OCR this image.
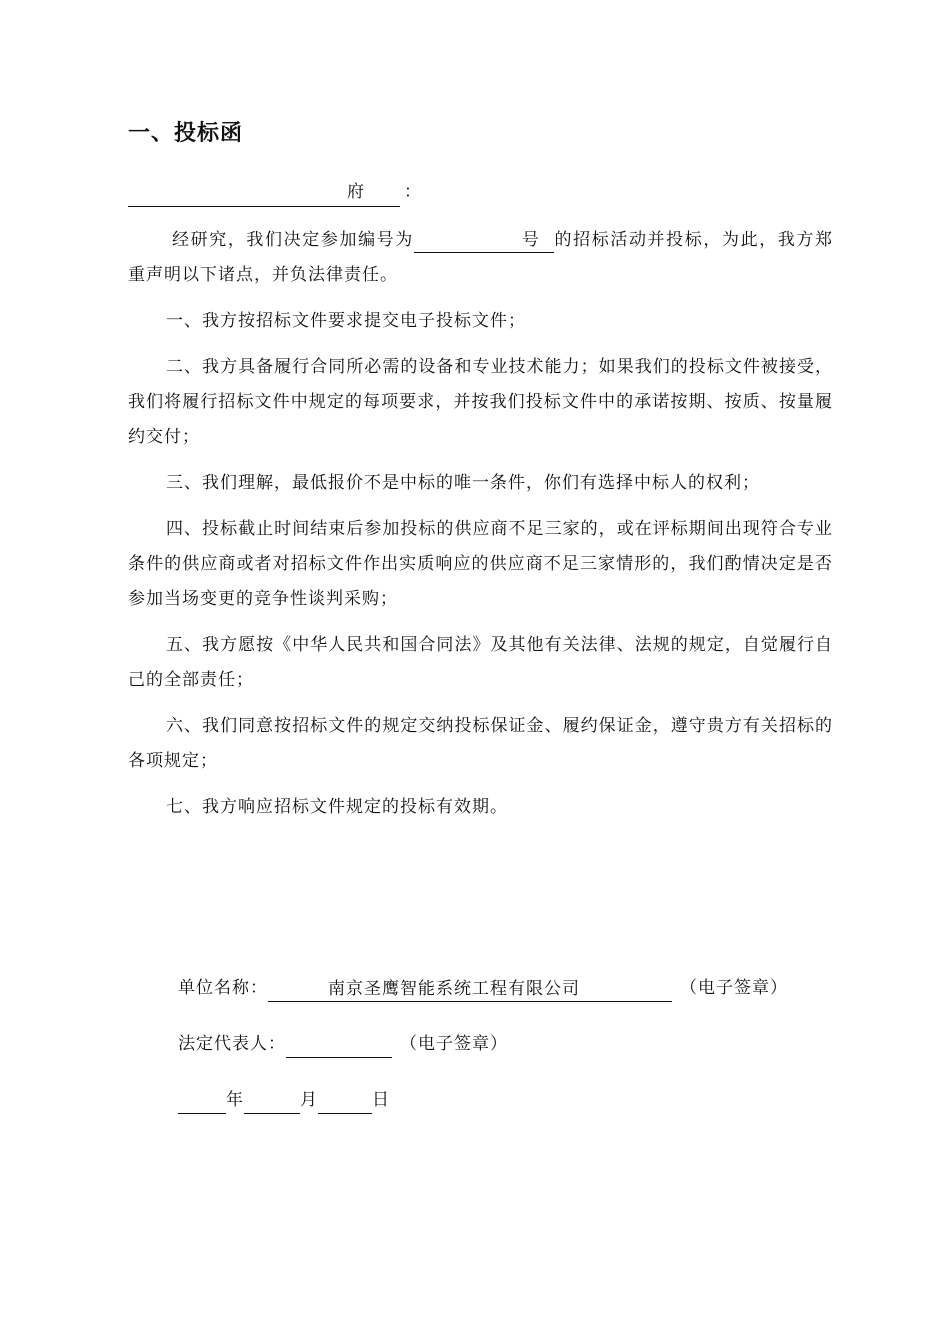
一、投标函
府 ：

经研究，我们决定参加编号为	号 的招标活动并投标，为此，我方郑重声明以下诸点，并负法律责任。

一、我方按招标文件要求提交电子投标文件；

二、我方具备履行合同所必需的设备和专业技术能力；如果我们的投标文件被接受，我们将履行招标文件中规定的每项要求，并按我们投标文件中的承诺按期、按质、按量履约交付；

三、我们理解，最低报价不是中标的唯一条件，你们有选择中标人的权利；

四、投标截止时间结束后参加投标的供应商不足三家的，或在评标期间出现符合专业条件的供应商或者对招标文件作出实质响应的供应商不足三家情形的，我们酌情决定是否参加当场变更的竞争性谈判采购；

五、我方愿按《中华人民共和国合同法》及其他有关法律、法规的规定，自觉履行自己的全部责任；

六、我们同意按招标文件的规定交纳投标保证金、履约保证金，遵守贵方有关招标的各项规定；

七、我方响应招标文件规定的投标有效期。

单位名称：	南京圣鹰智能系统工程有限公司	（电子签章）
法定代表人：	（电子签章）
年	月	日
